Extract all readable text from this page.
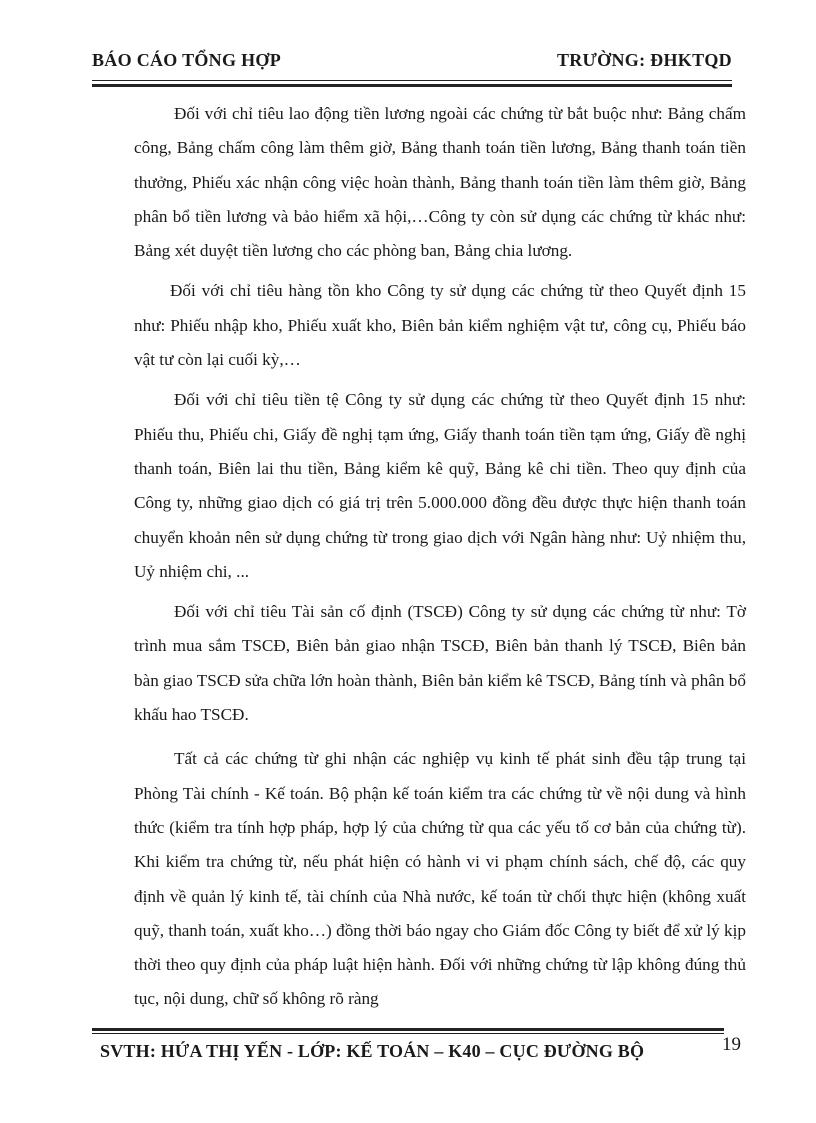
BÁO CÁO TỔNG HỢP	TRƯỜNG: ĐHKTQD

Đối với chỉ tiêu lao động tiền lương ngoài các chứng từ bắt buộc như: Bảng chấm công, Bảng chấm công làm thêm giờ, Bảng thanh toán tiền lương, Bảng thanh toán tiền thưởng, Phiếu xác nhận công việc hoàn thành, Bảng thanh toán tiền làm thêm giờ, Bảng phân bổ tiền lương và bảo hiểm xã hội,…Công ty còn sử dụng các chứng từ khác như: Bảng xét duyệt tiền lương cho các phòng ban, Bảng chia lương.

Đối với chỉ tiêu hàng tồn kho Công ty sử dụng các chứng từ theo Quyết định 15 như: Phiếu nhập kho, Phiếu xuất kho, Biên bản kiểm nghiệm vật tư, công cụ, Phiếu báo vật tư còn lại cuối kỳ,…

Đối với chỉ tiêu tiền tệ Công ty sử dụng các chứng từ theo Quyết định 15 như: Phiếu thu, Phiếu chi, Giấy đề nghị tạm ứng, Giấy thanh toán tiền tạm ứng, Giấy đề nghị thanh toán, Biên lai thu tiền, Bảng kiểm kê quỹ, Bảng kê chi tiền. Theo quy định của Công ty, những giao dịch có giá trị trên 5.000.000 đồng đều được thực hiện thanh toán chuyển khoản nên sử dụng chứng từ trong giao dịch với Ngân hàng như: Uỷ nhiệm thu, Uỷ nhiệm chi, ...

Đối với chỉ tiêu Tài sản cố định (TSCĐ) Công ty sử dụng các chứng từ như: Tờ trình mua sắm TSCĐ, Biên bản giao nhận TSCĐ, Biên bản thanh lý TSCĐ, Biên bản bàn giao TSCĐ sửa chữa lớn hoàn thành, Biên bản kiểm kê TSCĐ, Bảng tính và phân bổ khấu hao TSCĐ.

Tất cả các chứng từ ghi nhận các nghiệp vụ kinh tế phát sinh đều tập trung tại Phòng Tài chính - Kế toán. Bộ phận kế toán kiểm tra các chứng từ về nội dung và hình thức (kiểm tra tính hợp pháp, hợp lý của chứng từ qua các yếu tố cơ bản của chứng từ). Khi kiểm tra chứng từ, nếu phát hiện có hành vi vi phạm chính sách, chế độ, các quy định về quản lý kinh tế, tài chính của Nhà nước, kế toán từ chối thực hiện (không xuất quỹ, thanh toán, xuất kho…) đồng thời báo ngay cho Giám đốc Công ty biết để xử lý kịp thời theo quy định của pháp luật hiện hành. Đối với những chứng từ lập không đúng thủ tục, nội dung, chữ số không rõ ràng

SVTH: HỨA THỊ YẾN - LỚP: KẾ TOÁN – K40 – CỤC ĐƯỜNG BỘ	19
